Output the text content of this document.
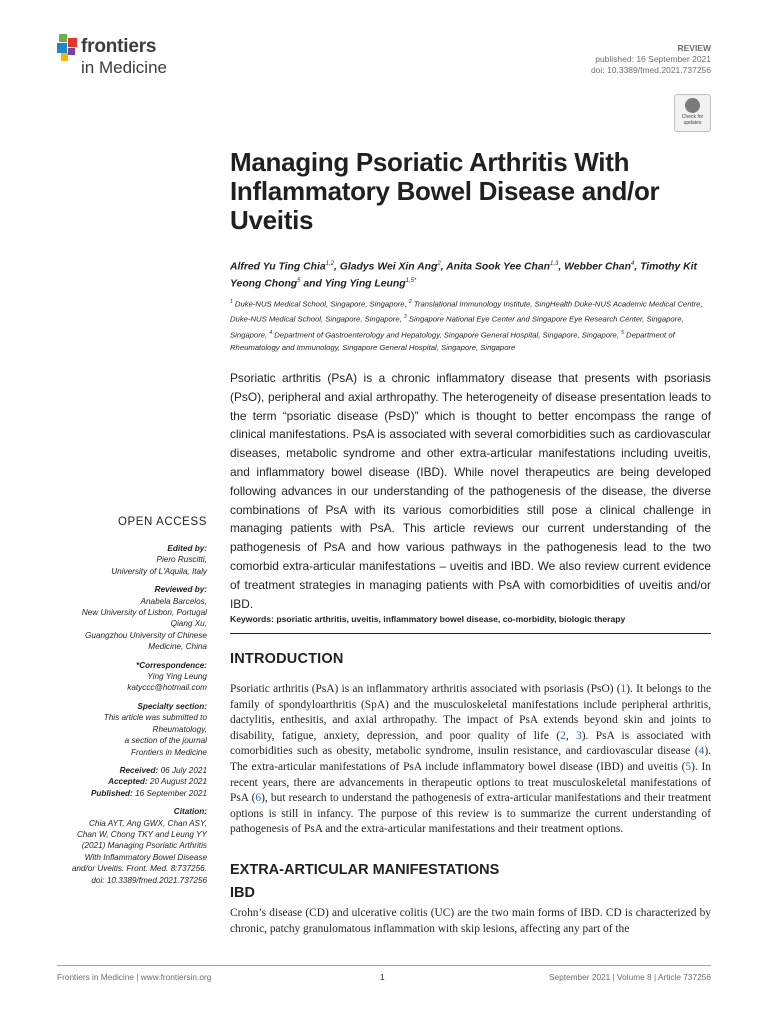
frontiers
in Medicine
REVIEW
published: 16 September 2021
doi: 10.3389/fmed.2021.737256
Check for
updates
Managing Psoriatic Arthritis With Inflammatory Bowel Disease and/or Uveitis
Alfred Yu Ting Chia$^{1,2}$, Gladys Wei Xin Ang$^2$, Anita Sook Yee Chan$^{1,3}$, Webber Chan$^4$, Timothy Kit Yeong Chong$^5$ and Ying Ying Leung$^{1,5*}$
$^1$ Duke-NUS Medical School, Singapore, Singapore, $^2$ Translational Immunology Institute, SingHealth Duke-NUS Academic Medical Centre, Duke-NUS Medical School, Singapore, Singapore, $^3$ Singapore National Eye Center and Singapore Eye Research Center, Singapore, Singapore, $^4$ Department of Gastroenterology and Hepatology, Singapore General Hospital, Singapore, Singapore, $^5$ Department of Rheumatology and Immunology, Singapore General Hospital, Singapore, Singapore
Psoriatic arthritis (PsA) is a chronic inflammatory disease that presents with psoriasis (PsO), peripheral and axial arthropathy. The heterogeneity of disease presentation leads to the term “psoriatic disease (PsD)” which is thought to better encompass the range of clinical manifestations. PsA is associated with several comorbidities such as cardiovascular diseases, metabolic syndrome and other extra-articular manifestations including uveitis, and inflammatory bowel disease (IBD). While novel therapeutics are being developed following advances in our understanding of the pathogenesis of the disease, the diverse combinations of PsA with its various comorbidities still pose a clinical challenge in managing patients with PsA. This article reviews our current understanding of the pathogenesis of PsA and how various pathways in the pathogenesis lead to the two comorbid extra-articular manifestations – uveitis and IBD. We also review current evidence of treatment strategies in managing patients with PsA with comorbidities of uveitis and/or IBD.
Keywords: psoriatic arthritis, uveitis, inflammatory bowel disease, co-morbidity, biologic therapy
OPEN ACCESS
Edited by:
Piero Ruscitti,
University of L'Aquila, Italy
Reviewed by:
Anabela Barcelos,
New University of Lisbon, Portugal
Qiang Xu,
Guangzhou University of Chinese
Medicine, China
*Correspondence:
Ying Ying Leung
katyccc@hotmail.com
Specialty section:
This article was submitted to
Rheumatology,
a section of the journal
Frontiers in Medicine
Received: 06 July 2021
Accepted: 20 August 2021
Published: 16 September 2021
Citation:
Chia AYT, Ang GWX, Chan ASY,
Chan W, Chong TKY and Leung YY
(2021) Managing Psoriatic Arthritis
With Inflammatory Bowel Disease
and/or Uveitis. Front. Med. 8:737256.
doi: 10.3389/fmed.2021.737256
INTRODUCTION
Psoriatic arthritis (PsA) is an inflammatory arthritis associated with psoriasis (PsO) (1). It belongs to the family of spondyloarthritis (SpA) and the musculoskeletal manifestations include peripheral arthritis, dactylitis, enthesitis, and axial arthropathy. The impact of PsA extends beyond skin and joints to disability, fatigue, anxiety, depression, and poor quality of life (2, 3). PsA is associated with comorbidities such as obesity, metabolic syndrome, insulin resistance, and cardiovascular disease (4). The extra-articular manifestations of PsA include inflammatory bowel disease (IBD) and uveitis (5). In recent years, there are advancements in therapeutic options to treat musculoskeletal manifestations of PsA (6), but research to understand the pathogenesis of extra-articular manifestations and their treatment options is still in infancy. The purpose of this review is to summarize the current understanding of pathogenesis of PsA and the extra-articular manifestations and their treatment options.
EXTRA-ARTICULAR MANIFESTATIONS
IBD
Crohn’s disease (CD) and ulcerative colitis (UC) are the two main forms of IBD. CD is characterized by chronic, patchy granulomatous inflammation with skip lesions, affecting any part of the
Frontiers in Medicine | www.frontiersin.org	1	September 2021 | Volume 8 | Article 737256
